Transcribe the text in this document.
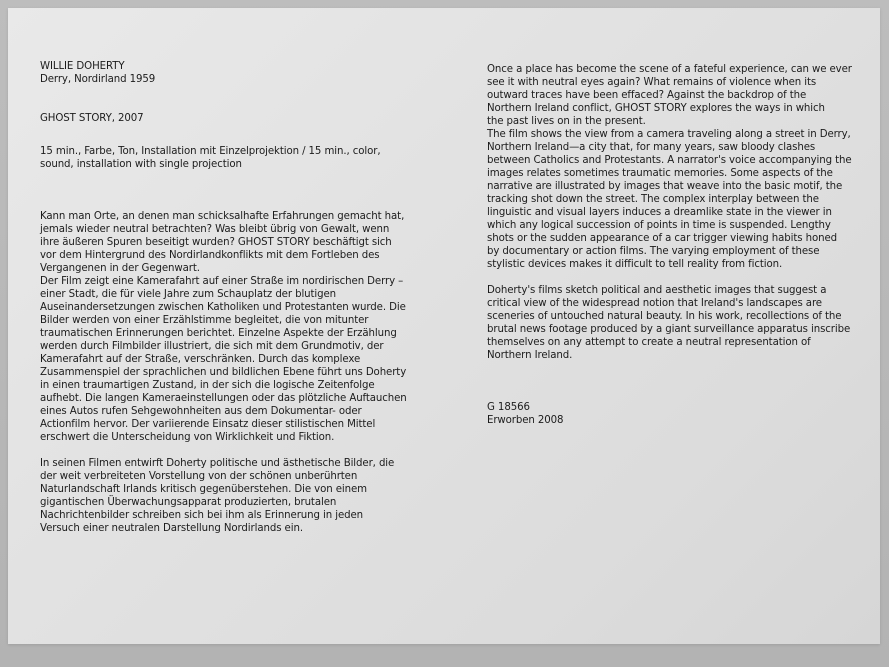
WILLIE DOHERTY
Derry, Nordirland 1959
GHOST STORY, 2007
15 min., Farbe, Ton, Installation mit Einzelprojektion / 15 min., color,
sound, installation with single projection
Kann man Orte, an denen man schicksalhafte Erfahrungen gemacht hat,
jemals wieder neutral betrachten? Was bleibt übrig von Gewalt, wenn
ihre äußeren Spuren beseitigt wurden? GHOST STORY beschäftigt sich
vor dem Hintergrund des Nordirlandkonflikts mit dem Fortleben des
Vergangenen in der Gegenwart.
Der Film zeigt eine Kamerafahrt auf einer Straße im nordirischen Derry –
einer Stadt, die für viele Jahre zum Schauplatz der blutigen
Auseinandersetzungen zwischen Katholiken und Protestanten wurde. Die
Bilder werden von einer Erzählstimme begleitet, die von mitunter
traumatischen Erinnerungen berichtet. Einzelne Aspekte der Erzählung
werden durch Filmbilder illustriert, die sich mit dem Grundmotiv, der
Kamerafahrt auf der Straße, verschränken. Durch das komplexe
Zusammenspiel der sprachlichen und bildlichen Ebene führt uns Doherty
in einen traumartigen Zustand, in der sich die logische Zeitenfolge
aufhebt. Die langen Kameraeinstellungen oder das plötzliche Auftauchen
eines Autos rufen Sehgewohnheiten aus dem Dokumentar- oder
Actionfilm hervor. Der variierende Einsatz dieser stilistischen Mittel
erschwert die Unterscheidung von Wirklichkeit und Fiktion.
In seinen Filmen entwirft Doherty politische und ästhetische Bilder, die
der weit verbreiteten Vorstellung von der schönen unberührten
Naturlandschaft Irlands kritisch gegenüberstehen. Die von einem
gigantischen Überwachungsapparat produzierten, brutalen
Nachrichtenbilder schreiben sich bei ihm als Erinnerung in jeden
Versuch einer neutralen Darstellung Nordirlands ein.
Once a place has become the scene of a fateful experience, can we ever
see it with neutral eyes again? What remains of violence when its
outward traces have been effaced? Against the backdrop of the
Northern Ireland conflict, GHOST STORY explores the ways in which
the past lives on in the present.
The film shows the view from a camera traveling along a street in Derry,
Northern Ireland—a city that, for many years, saw bloody clashes
between Catholics and Protestants. A narrator's voice accompanying the
images relates sometimes traumatic memories. Some aspects of the
narrative are illustrated by images that weave into the basic motif, the
tracking shot down the street. The complex interplay between the
linguistic and visual layers induces a dreamlike state in the viewer in
which any logical succession of points in time is suspended. Lengthy
shots or the sudden appearance of a car trigger viewing habits honed
by documentary or action films. The varying employment of these
stylistic devices makes it difficult to tell reality from fiction.
Doherty's films sketch political and aesthetic images that suggest a
critical view of the widespread notion that Ireland's landscapes are
sceneries of untouched natural beauty. In his work, recollections of the
brutal news footage produced by a giant surveillance apparatus inscribe
themselves on any attempt to create a neutral representation of
Northern Ireland.
G 18566
Erworben 2008
